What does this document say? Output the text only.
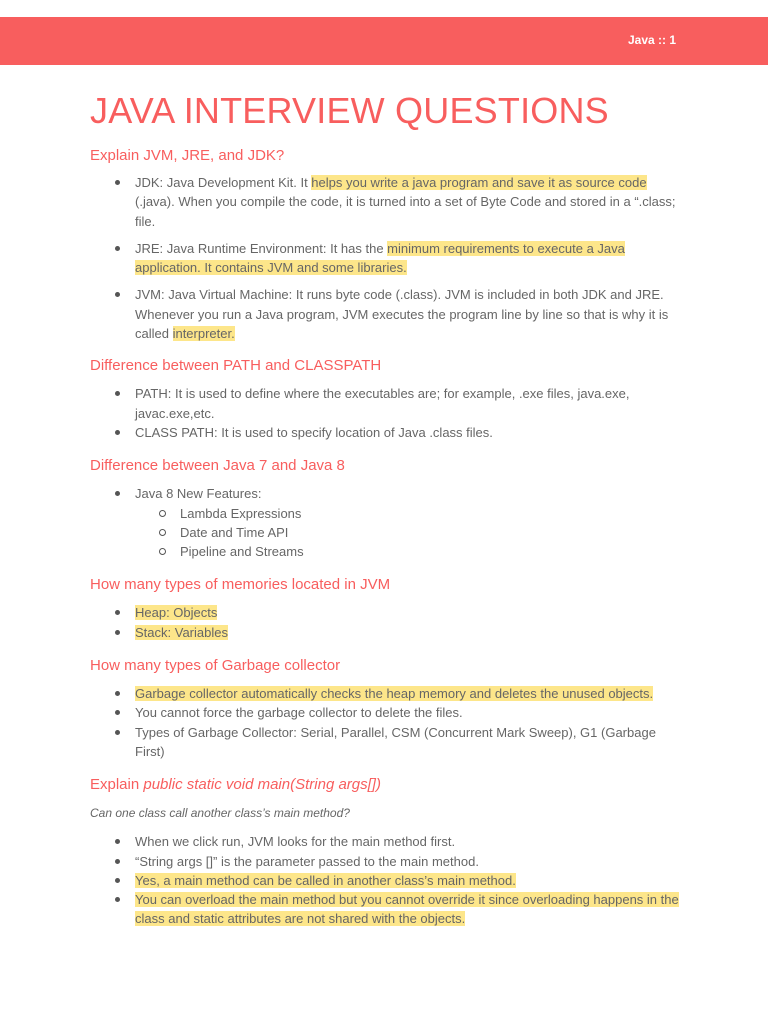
Java :: 1
JAVA INTERVIEW QUESTIONS

Explain JVM, JRE, and JDK?

JDK: Java Development Kit. It helps you write a java program and save it as source code (.java). When you compile the code, it is turned into a set of Byte Code and stored in a “.class; file.
JRE: Java Runtime Environment: It has the minimum requirements to execute a Java application. It contains JVM and some libraries.
JVM: Java Virtual Machine: It runs byte code (.class). JVM is included in both JDK and JRE. Whenever you run a Java program, JVM executes the program line by line so that is why it is called interpreter.

Difference between PATH and CLASSPATH

PATH: It is used to define where the executables are; for example, .exe files, java.exe, javac.exe,etc.
CLASS PATH: It is used to specify location of Java .class files.

Difference between Java 7 and Java 8

Java 8 New Features:
Lambda Expressions
Date and Time API
Pipeline and Streams

How many types of memories located in JVM

Heap: Objects
Stack: Variables

How many types of Garbage collector

Garbage collector automatically checks the heap memory and deletes the unused objects.
You cannot force the garbage collector to delete the files.
Types of Garbage Collector: Serial, Parallel, CSM (Concurrent Mark Sweep), G1 (Garbage First)

Explain public static void main(String args[])

Can one class call another class’s main method?

When we click run, JVM looks for the main method first.
“String args []” is the parameter passed to the main method.
Yes, a main method can be called in another class’s main method.
You can overload the main method but you cannot override it since overloading happens in the class and static attributes are not shared with the objects.
